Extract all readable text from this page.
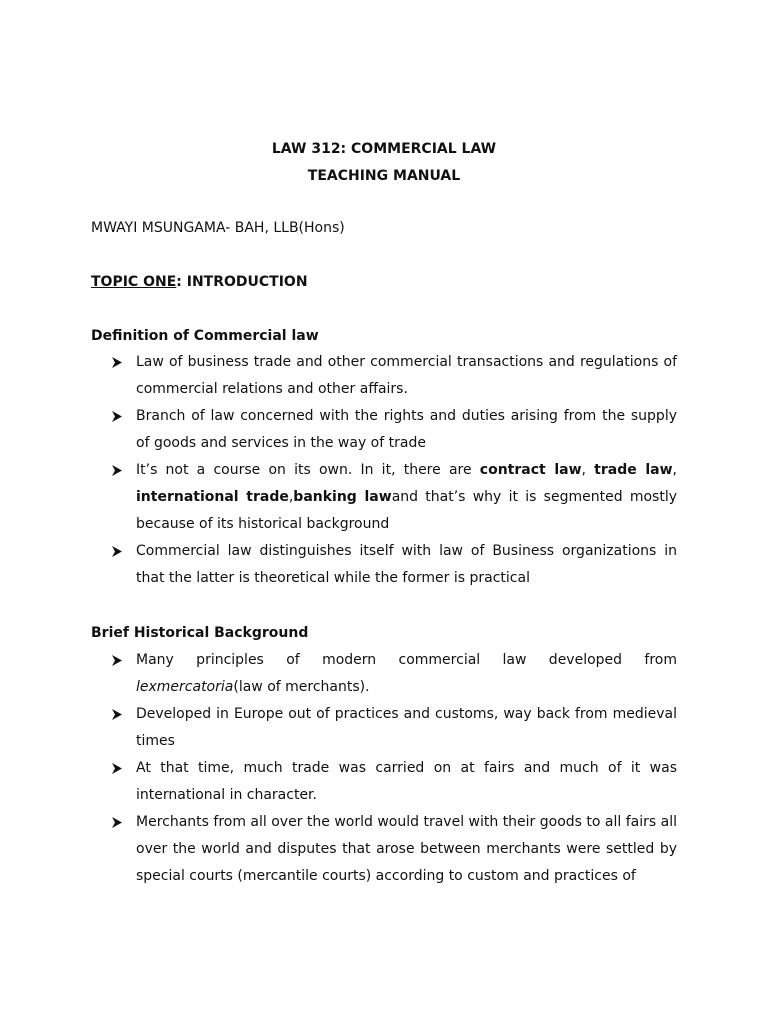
LAW 312: COMMERCIAL LAW
TEACHING MANUAL
MWAYI MSUNGAMA- BAH, LLB(Hons)
TOPIC ONE: INTRODUCTION
Definition of Commercial law
Law of business trade and other commercial transactions and regulations of commercial relations and other affairs.
Branch of law concerned with the rights and duties arising from the supply of goods and services in the way of trade
It’s not a course on its own. In it, there are contract law, trade law, international trade,banking lawand that’s why it is segmented mostly because of its historical background
Commercial law distinguishes itself with law of Business organizations in that the latter is theoretical while the former is practical
Brief Historical Background
Many principles of modern commercial law developed from lexmercatoria(law of merchants).
Developed in Europe out of practices and customs, way back from medieval times
At that time, much trade was carried on at fairs and much of it was international in character.
Merchants from all over the world would travel with their goods to all fairs all over the world and disputes that arose between merchants were settled by special courts (mercantile courts) according to custom and practices of
